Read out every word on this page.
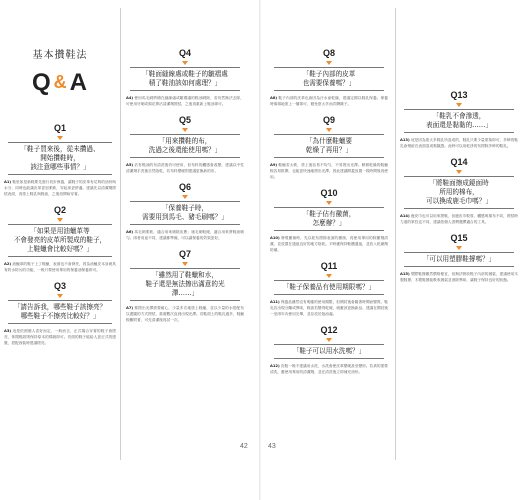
基本攢鞋法
Q &A
Q1
「鞋子買來後，從未攢過、
開始攢鞋時，
該注意哪些事情？」
A1) 鞋里如是新鞋要先進行初步保養，讓鞋子的皮革有足夠的油份與水分，同時也能讓皮革更加柔軟，穿起來更舒適。建議先以清潔劑擦拭表面，再塗上鞋乳與鞋油，之後再開始穿著。
Q2
「如果是用油蠟革等
不會發亮的皮革所製成的鞋子，
上鞋蠟會比較好嗎？」
A2) 油蠟革的鞋子上了鞋蠟，表面也不會發亮，因為油蠟皮本身就具有防水防污的功能，一般只要使用專用的保養油保養即可。
Q3
「請告訴我，哪些鞋子該擦亮？
哪些鞋子不擦亮比較好？」
A3) 這是依照個人喜好而定，一般而言，正式場合穿著的鞋子會擦亮，休閒鞋款則保持原本的樣貌即可。亮面的鞋子能給人更正式的感覺，搭配西裝時建議擦亮。
Q4
「鞋面縫線處或鞋子的皺褶處
積了鞋油該如何處理？」
A4) 使用馬毛刷將積在縫線處或皺褶處的鞋油刷除，若仍然無法去除，可使用牙刷或棉花棒沾清潔劑擦拭，之後再重新上鞋油即可。
Q5
「用來攢鞋的布，
洗過之後還能使用嗎？」
A5) 沾有鞋油的布清洗後仍可使用，但布料的觸感會改變，建議以中性清潔劑手洗後自然陰乾，若布料變硬則建議更換新的布。
Q6
「保養鞋子時，
需要用到馬毛、豬毛刷嗎？」
A6) 馬毛刷柔軟，適合用來刷除灰塵；豬毛刷較硬，適合用來將鞋油刷勻。兩者用途不同，建議都準備，可以讓保養的效果更好。
Q7
「雖然用了鞋蠟和水，
鞋子還是無法擦出滿意的光
澤……」
A7) 要擦出光澤需要耐心，少量多次地塗上鞋蠟，並以少量的水搭配布以畫圓的方式擦拭，重複數次直到出現光澤。若鞋面上的鞋乳過多，鞋蠟較難附著，可先清潔後再試一次。
Q8
「鞋子內部的皮革
也需要保養嗎？」
A8) 鞋子內部的皮革也會因為汗水而乾燥，建議定期以鞋乳保養。保養時薄薄地塗上一層即可，避免塗太多而弄髒襪子。
Q9
「為什麼鞋蠟要
乾燥了再用？」
A9) 鞋蠟若太軟，塗上後容易不均勻，不易擦出光澤。稍微乾燥的鞋蠟較容易推開，也能更快速地擦出光澤，因此建議開蓋放置一段時間後再使用。
Q10
「鞋子佔有黴菌，
怎麼辦？」
A10) 發現黴菌時，先以乾布擦除表面的黴菌，再使用專用的除黴劑清潔，並放置在通風良好的地方陰乾。平時應保持鞋櫃通風，並放入乾燥劑防潮。
Q11
「鞋子保養品有使用期限嗎？」
A11) 保養品雖然沒有明確的使用期限，但開封後會隨著時間而變質。鞋乳若出現分離或異味，鞋油若變得乾硬，就應該更換新品。建議在開封後一至兩年內使用完畢，並存放於陰涼處。
Q12
「鞋子可以用水洗嗎？」
A12) 皮鞋一般不建議用水洗，水洗會使皮革變硬甚至變形。若真的需要清洗，應使用專用的清潔劑，並在清洗後立即補充油份。
Q13
「鞋乳不會滲透，
表面還是黏黏的……」
A13) 這是因為塗太多鞋乳所造成的，鞋乳只要少量塗抹即可，多餘的鞋乳會殘留在表面造成黏膩感。此時可以用乾淨的布擦除多餘的鞋乳。
Q14
「將鞋面擦成鏡面時
所用的棉布，
可以換成鹿毛巾嗎？」
A14) 鹿皮巾也可以用來擦鞋，但鹿皮巾較厚，觸感與棉布不同，擦拭時力道的掌控也不同，建議依個人習慣選擇適合的工具。
Q15
「可以用塑膠鞋撐嗎？」
A15) 塑膠鞋撐雖然價格便宜，但無法吸收鞋子內部的濕氣，建議使用木製鞋撐，木製鞋撐能吸收濕氣並消除異味，讓鞋子保持良好的狀態。
42	43
